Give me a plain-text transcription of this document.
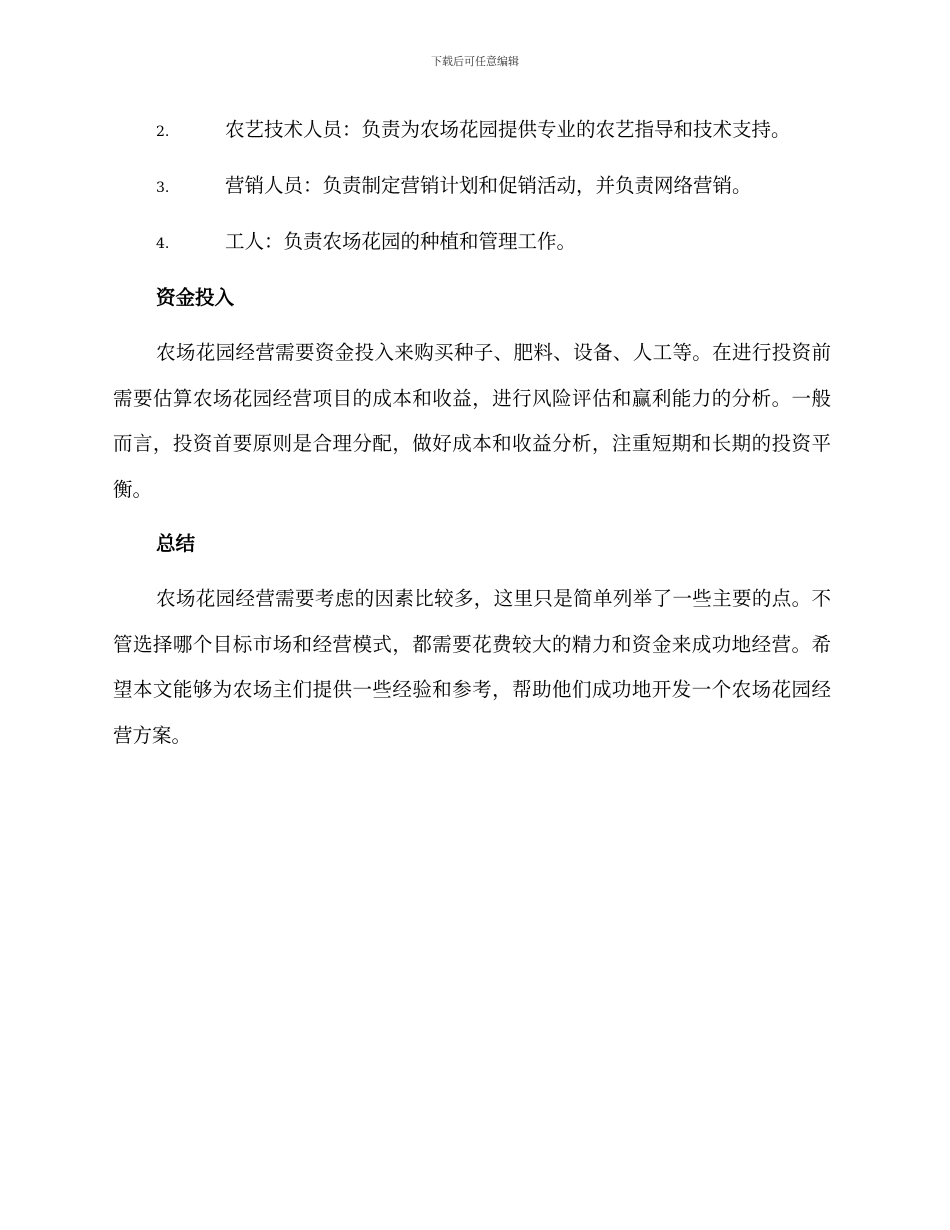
下载后可任意编辑
2.	农艺技术人员：负责为农场花园提供专业的农艺指导和技术支持。
3.	营销人员：负责制定营销计划和促销活动，并负责网络营销。
4.	工人：负责农场花园的种植和管理工作。
资金投入

农场花园经营需要资金投入来购买种子、肥料、设备、人工等。在进行投资前需要估算农场花园经营项目的成本和收益，进行风险评估和赢利能力的分析。一般而言，投资首要原则是合理分配，做好成本和收益分析，注重短期和长期的投资平衡。

总结

农场花园经营需要考虑的因素比较多，这里只是简单列举了一些主要的点。不管选择哪个目标市场和经营模式，都需要花费较大的精力和资金来成功地经营。希望本文能够为农场主们提供一些经验和参考，帮助他们成功地开发一个农场花园经营方案。
